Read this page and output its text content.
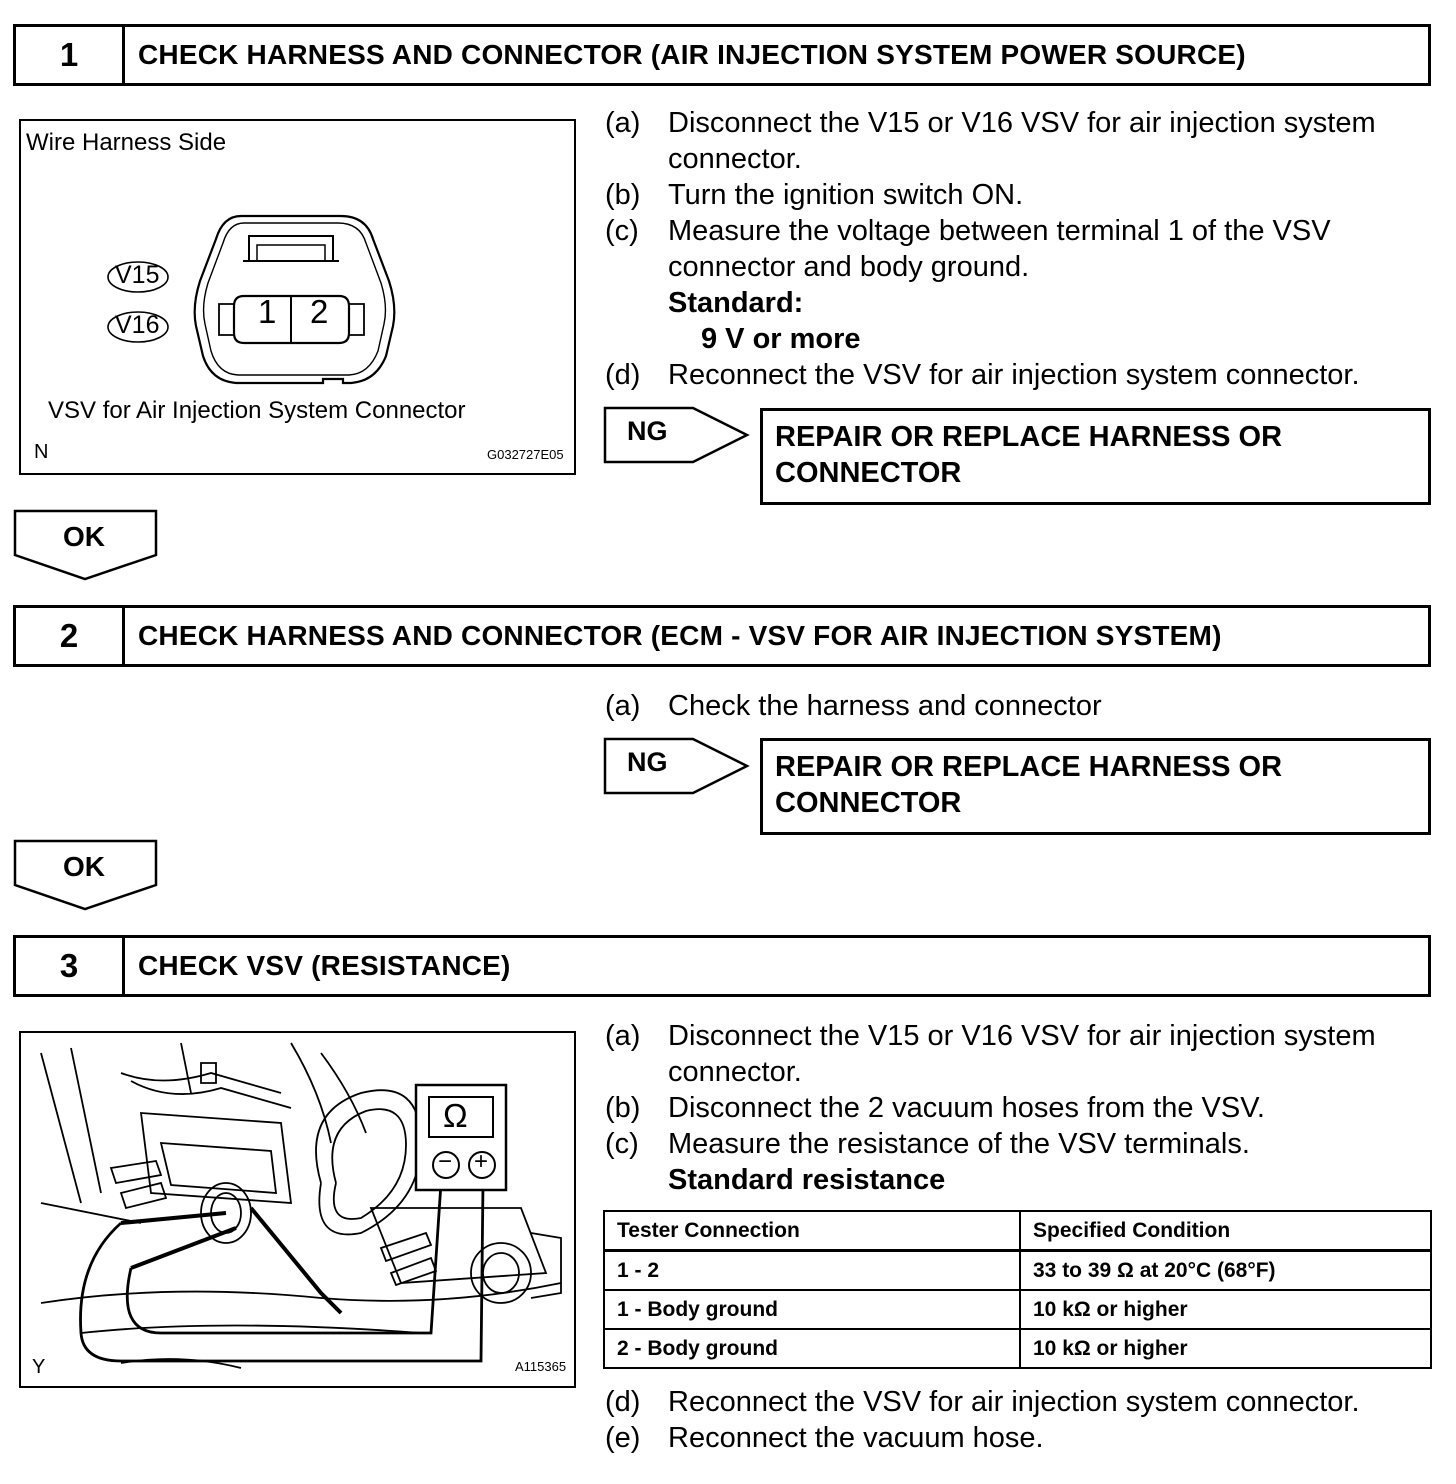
1	CHECK HARNESS AND CONNECTOR (AIR INJECTION SYSTEM POWER SOURCE)
Wire Harness Side
V15
V16	1 2
VSV for Air Injection System Connector
N	G032727E05
(a) Disconnect the V15 or V16 VSV for air injection system
connector.
(b) Turn the ignition switch ON.
(c) Measure the voltage between terminal 1 of the VSV
connector and body ground.
Standard:
9 V or more
(d) Reconnect the VSV for air injection system connector.
NG	REPAIR OR REPLACE HARNESS OR
CONNECTOR
OK
2	CHECK HARNESS AND CONNECTOR (ECM - VSV FOR AIR INJECTION SYSTEM)
(a) Check the harness and connector
NG	REPAIR OR REPLACE HARNESS OR
CONNECTOR
OK
3	CHECK VSV (RESISTANCE)
Ω
− +
Y	A115365
(a) Disconnect the V15 or V16 VSV for air injection system
connector.
(b) Disconnect the 2 vacuum hoses from the VSV.
(c) Measure the resistance of the VSV terminals.
Standard resistance
Tester Connection	Specified Condition
1 - 2	33 to 39 Ω at 20°C (68°F)
1 - Body ground	10 kΩ or higher
2 - Body ground	10 kΩ or higher
(d) Reconnect the VSV for air injection system connector.
(e) Reconnect the vacuum hose.
